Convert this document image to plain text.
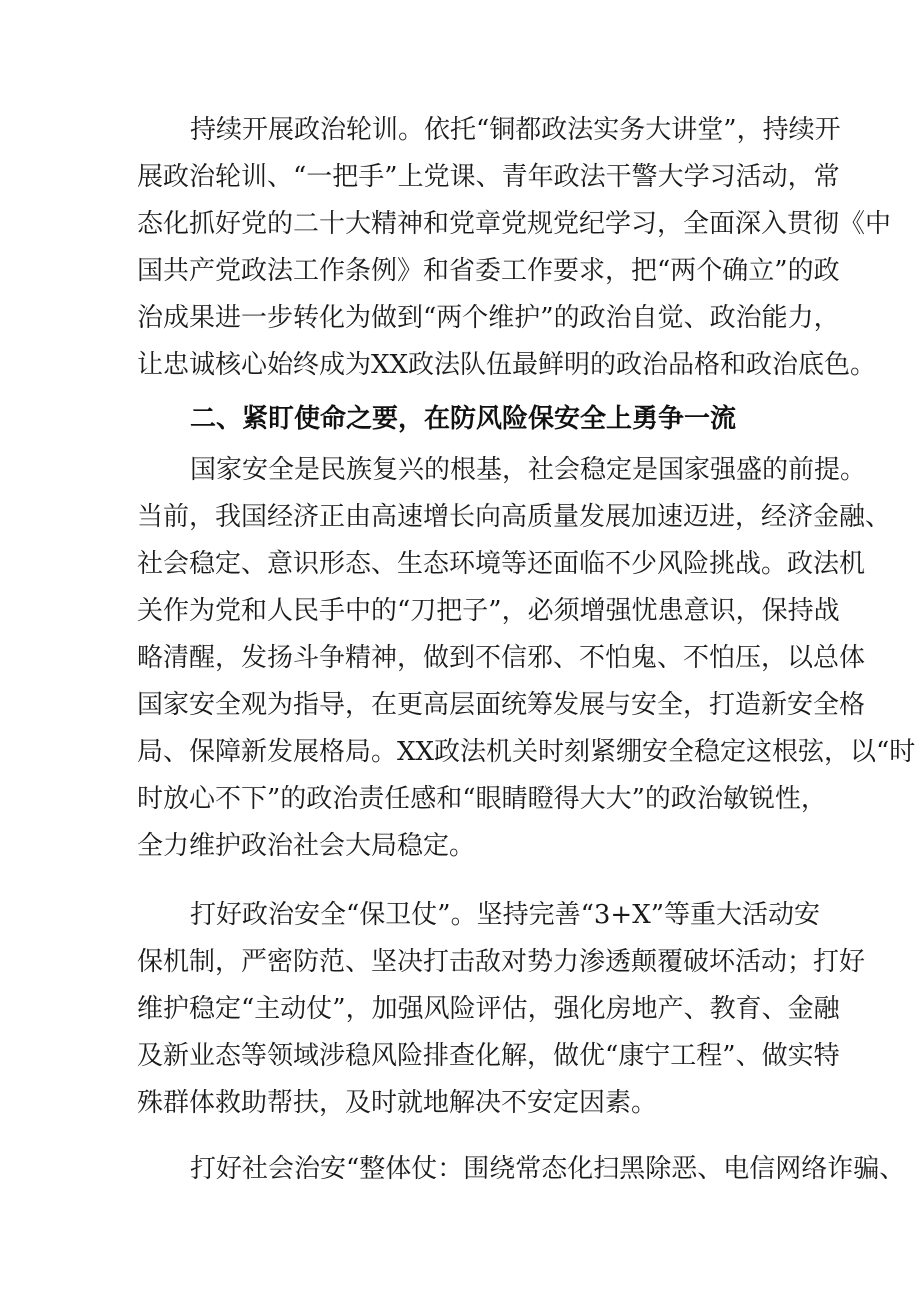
持续开展政治轮训。依托“铜都政法实务大讲堂”，持续开
展政治轮训、“一把手”上党课、青年政法干警大学习活动，常
态化抓好党的二十大精神和党章党规党纪学习，全面深入贯彻《中
国共产党政法工作条例》和省委工作要求，把“两个确立”的政
治成果进一步转化为做到“两个维护”的政治自觉、政治能力，
让忠诚核心始终成为XX政法队伍最鲜明的政治品格和政治底色。
二、紧盯使命之要，在防风险保安全上勇争一流
国家安全是民族复兴的根基，社会稳定是国家强盛的前提。
当前，我国经济正由高速增长向高质量发展加速迈进，经济金融、
社会稳定、意识形态、生态环境等还面临不少风险挑战。政法机
关作为党和人民手中的“刀把子”，必须增强忧患意识，保持战
略清醒，发扬斗争精神，做到不信邪、不怕鬼、不怕压，以总体
国家安全观为指导，在更高层面统筹发展与安全，打造新安全格
局、保障新发展格局。XX政法机关时刻紧绷安全稳定这根弦，以“时
时放心不下”的政治责任感和“眼睛瞪得大大”的政治敏锐性，
全力维护政治社会大局稳定。
打好政治安全“保卫仗”。坚持完善“3+X”等重大活动安
保机制，严密防范、坚决打击敌对势力渗透颠覆破坏活动；打好
维护稳定“主动仗”，加强风险评估，强化房地产、教育、金融
及新业态等领域涉稳风险排查化解，做优“康宁工程”、做实特
殊群体救助帮扶，及时就地解决不安定因素。
打好社会治安“整体仗：围绕常态化扫黑除恶、电信网络诈骗、
